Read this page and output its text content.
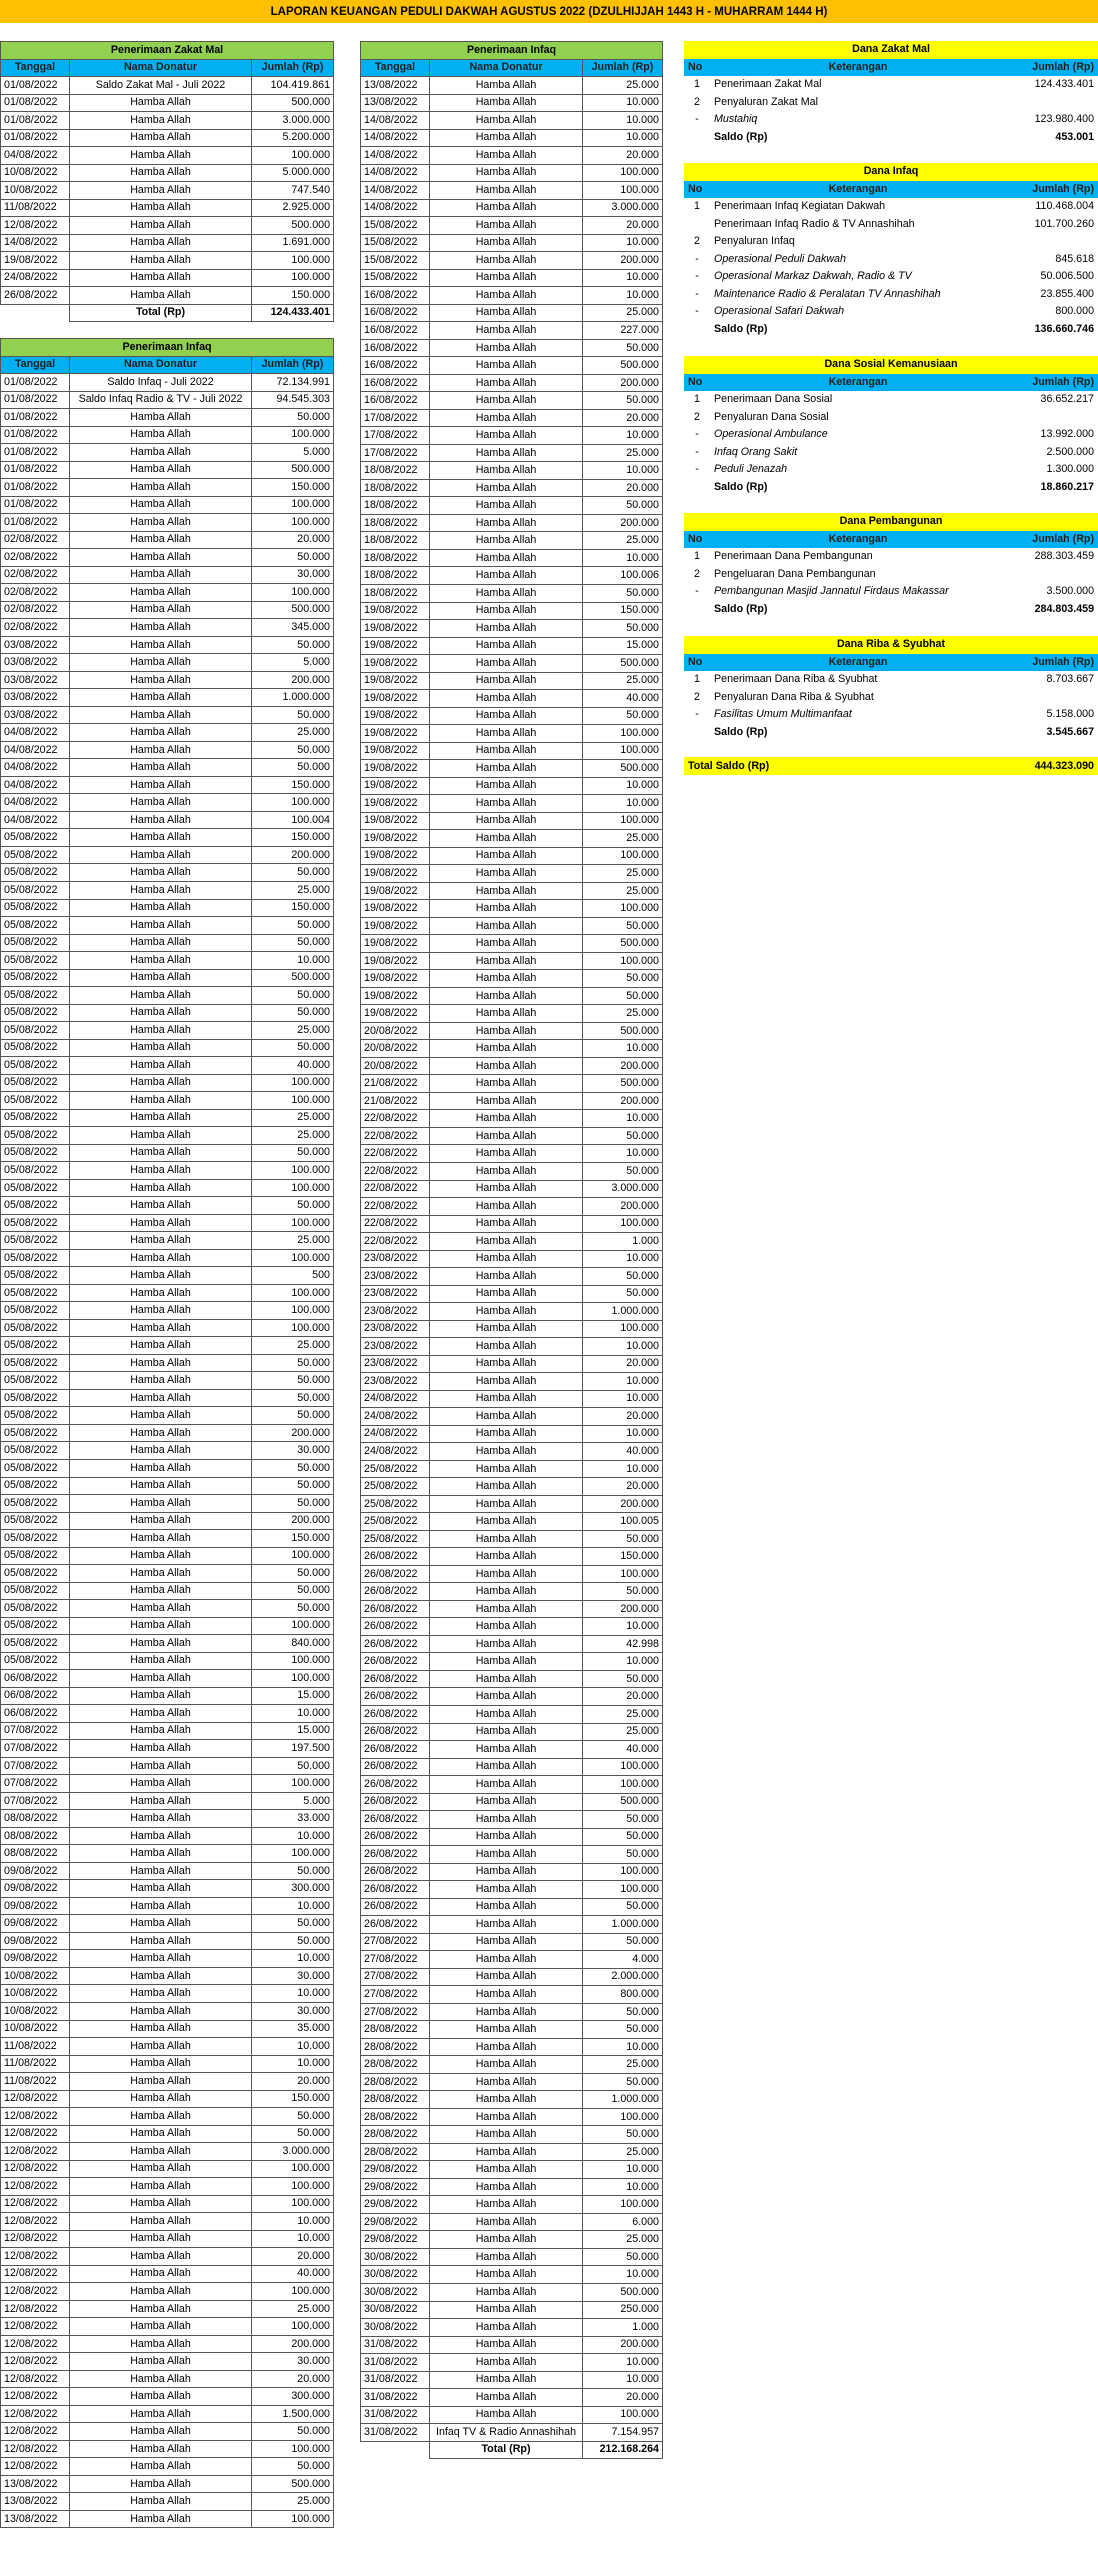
LAPORAN KEUANGAN PEDULI DAKWAH AGUSTUS 2022 (DZULHIJJAH 1443 H - MUHARRAM 1444 H)
Penerimaan Zakat Mal		
Tanggal	Nama Donatur	Jumlah (Rp)
01/08/2022	Saldo Zakat Mal - Juli 2022	104.419.861
01/08/2022	Hamba Allah	500.000
01/08/2022	Hamba Allah	3.000.000
01/08/2022	Hamba Allah	5.200.000
04/08/2022	Hamba Allah	100.000
10/08/2022	Hamba Allah	5.000.000
10/08/2022	Hamba Allah	747.540
11/08/2022	Hamba Allah	2.925.000
12/08/2022	Hamba Allah	500.000
14/08/2022	Hamba Allah	1.691.000
19/08/2022	Hamba Allah	100.000
24/08/2022	Hamba Allah	100.000
26/08/2022	Hamba Allah	150.000
	Total (Rp)	124.433.401
Penerimaan Infaq		
Tanggal	Nama Donatur	Jumlah (Rp)
01/08/2022	Saldo Infaq - Juli 2022	72.134.991
01/08/2022	Saldo Infaq Radio & TV - Juli 2022	94.545.303
01/08/2022	Hamba Allah	50.000
01/08/2022	Hamba Allah	100.000
01/08/2022	Hamba Allah	5.000
01/08/2022	Hamba Allah	500.000
01/08/2022	Hamba Allah	150.000
01/08/2022	Hamba Allah	100.000
01/08/2022	Hamba Allah	100.000
02/08/2022	Hamba Allah	20.000
02/08/2022	Hamba Allah	50.000
02/08/2022	Hamba Allah	30.000
02/08/2022	Hamba Allah	100.000
02/08/2022	Hamba Allah	500.000
02/08/2022	Hamba Allah	345.000
03/08/2022	Hamba Allah	50.000
03/08/2022	Hamba Allah	5.000
03/08/2022	Hamba Allah	200.000
03/08/2022	Hamba Allah	1.000.000
03/08/2022	Hamba Allah	50.000
04/08/2022	Hamba Allah	25.000
04/08/2022	Hamba Allah	50.000
04/08/2022	Hamba Allah	50.000
04/08/2022	Hamba Allah	150.000
04/08/2022	Hamba Allah	100.000
04/08/2022	Hamba Allah	100.004
05/08/2022	Hamba Allah	150.000
05/08/2022	Hamba Allah	200.000
05/08/2022	Hamba Allah	50.000
05/08/2022	Hamba Allah	25.000
05/08/2022	Hamba Allah	150.000
05/08/2022	Hamba Allah	50.000
05/08/2022	Hamba Allah	50.000
05/08/2022	Hamba Allah	10.000
05/08/2022	Hamba Allah	500.000
05/08/2022	Hamba Allah	50.000
05/08/2022	Hamba Allah	50.000
05/08/2022	Hamba Allah	25.000
05/08/2022	Hamba Allah	50.000
05/08/2022	Hamba Allah	40.000
05/08/2022	Hamba Allah	100.000
05/08/2022	Hamba Allah	100.000
05/08/2022	Hamba Allah	25.000
05/08/2022	Hamba Allah	25.000
05/08/2022	Hamba Allah	50.000
05/08/2022	Hamba Allah	100.000
05/08/2022	Hamba Allah	100.000
05/08/2022	Hamba Allah	50.000
05/08/2022	Hamba Allah	100.000
05/08/2022	Hamba Allah	25.000
05/08/2022	Hamba Allah	100.000
05/08/2022	Hamba Allah	500
05/08/2022	Hamba Allah	100.000
05/08/2022	Hamba Allah	100.000
05/08/2022	Hamba Allah	100.000
05/08/2022	Hamba Allah	25.000
05/08/2022	Hamba Allah	50.000
05/08/2022	Hamba Allah	50.000
05/08/2022	Hamba Allah	50.000
05/08/2022	Hamba Allah	50.000
05/08/2022	Hamba Allah	200.000
05/08/2022	Hamba Allah	30.000
05/08/2022	Hamba Allah	50.000
05/08/2022	Hamba Allah	50.000
05/08/2022	Hamba Allah	50.000
05/08/2022	Hamba Allah	200.000
05/08/2022	Hamba Allah	150.000
05/08/2022	Hamba Allah	100.000
05/08/2022	Hamba Allah	50.000
05/08/2022	Hamba Allah	50.000
05/08/2022	Hamba Allah	50.000
05/08/2022	Hamba Allah	100.000
05/08/2022	Hamba Allah	840.000
05/08/2022	Hamba Allah	100.000
06/08/2022	Hamba Allah	100.000
06/08/2022	Hamba Allah	15.000
06/08/2022	Hamba Allah	10.000
07/08/2022	Hamba Allah	15.000
07/08/2022	Hamba Allah	197.500
07/08/2022	Hamba Allah	50.000
07/08/2022	Hamba Allah	100.000
07/08/2022	Hamba Allah	5.000
08/08/2022	Hamba Allah	33.000
08/08/2022	Hamba Allah	10.000
08/08/2022	Hamba Allah	100.000
09/08/2022	Hamba Allah	50.000
09/08/2022	Hamba Allah	300.000
09/08/2022	Hamba Allah	10.000
09/08/2022	Hamba Allah	50.000
09/08/2022	Hamba Allah	50.000
09/08/2022	Hamba Allah	10.000
10/08/2022	Hamba Allah	30.000
10/08/2022	Hamba Allah	10.000
10/08/2022	Hamba Allah	30.000
10/08/2022	Hamba Allah	35.000
11/08/2022	Hamba Allah	10.000
11/08/2022	Hamba Allah	10.000
11/08/2022	Hamba Allah	20.000
12/08/2022	Hamba Allah	150.000
12/08/2022	Hamba Allah	50.000
12/08/2022	Hamba Allah	50.000
12/08/2022	Hamba Allah	3.000.000
12/08/2022	Hamba Allah	100.000
12/08/2022	Hamba Allah	100.000
12/08/2022	Hamba Allah	100.000
12/08/2022	Hamba Allah	10.000
12/08/2022	Hamba Allah	10.000
12/08/2022	Hamba Allah	20.000
12/08/2022	Hamba Allah	40.000
12/08/2022	Hamba Allah	100.000
12/08/2022	Hamba Allah	25.000
12/08/2022	Hamba Allah	100.000
12/08/2022	Hamba Allah	200.000
12/08/2022	Hamba Allah	30.000
12/08/2022	Hamba Allah	20.000
12/08/2022	Hamba Allah	300.000
12/08/2022	Hamba Allah	1.500.000
12/08/2022	Hamba Allah	50.000
12/08/2022	Hamba Allah	100.000
12/08/2022	Hamba Allah	50.000
13/08/2022	Hamba Allah	500.000
13/08/2022	Hamba Allah	25.000
13/08/2022	Hamba Allah	100.000
Penerimaan Infaq		
Tanggal	Nama Donatur	Jumlah (Rp)
13/08/2022	Hamba Allah	25.000
13/08/2022	Hamba Allah	10.000
14/08/2022	Hamba Allah	10.000
14/08/2022	Hamba Allah	10.000
14/08/2022	Hamba Allah	20.000
14/08/2022	Hamba Allah	100.000
14/08/2022	Hamba Allah	100.000
14/08/2022	Hamba Allah	3.000.000
15/08/2022	Hamba Allah	20.000
15/08/2022	Hamba Allah	10.000
15/08/2022	Hamba Allah	200.000
15/08/2022	Hamba Allah	10.000
16/08/2022	Hamba Allah	10.000
16/08/2022	Hamba Allah	25.000
16/08/2022	Hamba Allah	227.000
16/08/2022	Hamba Allah	50.000
16/08/2022	Hamba Allah	500.000
16/08/2022	Hamba Allah	200.000
16/08/2022	Hamba Allah	50.000
17/08/2022	Hamba Allah	20.000
17/08/2022	Hamba Allah	10.000
17/08/2022	Hamba Allah	25.000
18/08/2022	Hamba Allah	10.000
18/08/2022	Hamba Allah	20.000
18/08/2022	Hamba Allah	50.000
18/08/2022	Hamba Allah	200.000
18/08/2022	Hamba Allah	25.000
18/08/2022	Hamba Allah	10.000
18/08/2022	Hamba Allah	100.006
18/08/2022	Hamba Allah	50.000
19/08/2022	Hamba Allah	150.000
19/08/2022	Hamba Allah	50.000
19/08/2022	Hamba Allah	15.000
19/08/2022	Hamba Allah	500.000
19/08/2022	Hamba Allah	25.000
19/08/2022	Hamba Allah	40.000
19/08/2022	Hamba Allah	50.000
19/08/2022	Hamba Allah	100.000
19/08/2022	Hamba Allah	100.000
19/08/2022	Hamba Allah	500.000
19/08/2022	Hamba Allah	10.000
19/08/2022	Hamba Allah	10.000
19/08/2022	Hamba Allah	100.000
19/08/2022	Hamba Allah	25.000
19/08/2022	Hamba Allah	100.000
19/08/2022	Hamba Allah	25.000
19/08/2022	Hamba Allah	25.000
19/08/2022	Hamba Allah	100.000
19/08/2022	Hamba Allah	50.000
19/08/2022	Hamba Allah	500.000
19/08/2022	Hamba Allah	100.000
19/08/2022	Hamba Allah	50.000
19/08/2022	Hamba Allah	50.000
19/08/2022	Hamba Allah	25.000
20/08/2022	Hamba Allah	500.000
20/08/2022	Hamba Allah	10.000
20/08/2022	Hamba Allah	200.000
21/08/2022	Hamba Allah	500.000
21/08/2022	Hamba Allah	200.000
22/08/2022	Hamba Allah	10.000
22/08/2022	Hamba Allah	50.000
22/08/2022	Hamba Allah	10.000
22/08/2022	Hamba Allah	50.000
22/08/2022	Hamba Allah	3.000.000
22/08/2022	Hamba Allah	200.000
22/08/2022	Hamba Allah	100.000
22/08/2022	Hamba Allah	1.000
23/08/2022	Hamba Allah	10.000
23/08/2022	Hamba Allah	50.000
23/08/2022	Hamba Allah	50.000
23/08/2022	Hamba Allah	1.000.000
23/08/2022	Hamba Allah	100.000
23/08/2022	Hamba Allah	10.000
23/08/2022	Hamba Allah	20.000
23/08/2022	Hamba Allah	10.000
24/08/2022	Hamba Allah	10.000
24/08/2022	Hamba Allah	20.000
24/08/2022	Hamba Allah	10.000
24/08/2022	Hamba Allah	40.000
25/08/2022	Hamba Allah	10.000
25/08/2022	Hamba Allah	20.000
25/08/2022	Hamba Allah	200.000
25/08/2022	Hamba Allah	100.005
25/08/2022	Hamba Allah	50.000
26/08/2022	Hamba Allah	150.000
26/08/2022	Hamba Allah	100.000
26/08/2022	Hamba Allah	50.000
26/08/2022	Hamba Allah	200.000
26/08/2022	Hamba Allah	10.000
26/08/2022	Hamba Allah	42.998
26/08/2022	Hamba Allah	10.000
26/08/2022	Hamba Allah	50.000
26/08/2022	Hamba Allah	20.000
26/08/2022	Hamba Allah	25.000
26/08/2022	Hamba Allah	25.000
26/08/2022	Hamba Allah	40.000
26/08/2022	Hamba Allah	100.000
26/08/2022	Hamba Allah	100.000
26/08/2022	Hamba Allah	500.000
26/08/2022	Hamba Allah	50.000
26/08/2022	Hamba Allah	50.000
26/08/2022	Hamba Allah	50.000
26/08/2022	Hamba Allah	100.000
26/08/2022	Hamba Allah	100.000
26/08/2022	Hamba Allah	50.000
26/08/2022	Hamba Allah	1.000.000
27/08/2022	Hamba Allah	50.000
27/08/2022	Hamba Allah	4.000
27/08/2022	Hamba Allah	2.000.000
27/08/2022	Hamba Allah	800.000
27/08/2022	Hamba Allah	50.000
28/08/2022	Hamba Allah	50.000
28/08/2022	Hamba Allah	10.000
28/08/2022	Hamba Allah	25.000
28/08/2022	Hamba Allah	50.000
28/08/2022	Hamba Allah	1.000.000
28/08/2022	Hamba Allah	100.000
28/08/2022	Hamba Allah	50.000
28/08/2022	Hamba Allah	25.000
29/08/2022	Hamba Allah	10.000
29/08/2022	Hamba Allah	10.000
29/08/2022	Hamba Allah	100.000
29/08/2022	Hamba Allah	6.000
29/08/2022	Hamba Allah	25.000
30/08/2022	Hamba Allah	50.000
30/08/2022	Hamba Allah	10.000
30/08/2022	Hamba Allah	500.000
30/08/2022	Hamba Allah	250.000
30/08/2022	Hamba Allah	1.000
31/08/2022	Hamba Allah	200.000
31/08/2022	Hamba Allah	10.000
31/08/2022	Hamba Allah	10.000
31/08/2022	Hamba Allah	20.000
31/08/2022	Hamba Allah	100.000
31/08/2022	Infaq TV & Radio Annashihah	7.154.957
	Total (Rp)	212.168.264
Dana Zakat Mal		
No	Keterangan	Jumlah (Rp)
1	Penerimaan Zakat Mal	124.433.401
2	Penyaluran Zakat Mal	
-	Mustahiq	123.980.400
	Saldo (Rp)	453.001
Dana Infaq		
No	Keterangan	Jumlah (Rp)
1	Penerimaan Infaq Kegiatan Dakwah	110.468.004
	Penerimaan Infaq Radio & TV Annashihah	101.700.260
2	Penyaluran Infaq	
-	Operasional Peduli Dakwah	845.618
-	Operasional Markaz Dakwah, Radio & TV	50.006.500
-	Maintenance Radio & Peralatan TV Annashihah	23.855.400
-	Operasional Safari Dakwah	800.000
	Saldo (Rp)	136.660.746
Dana Sosial Kemanusiaan		
No	Keterangan	Jumlah (Rp)
1	Penerimaan Dana Sosial	36.652.217
2	Penyaluran Dana Sosial	
-	Operasional Ambulance	13.992.000
-	Infaq Orang Sakit	2.500.000
-	Peduli Jenazah	1.300.000
	Saldo (Rp)	18.860.217
Dana Pembangunan		
No	Keterangan	Jumlah (Rp)
1	Penerimaan Dana Pembangunan	288.303.459
2	Pengeluaran Dana Pembangunan	
-	Pembangunan Masjid Jannatul Firdaus Makassar	3.500.000
	Saldo (Rp)	284.803.459
Dana Riba & Syubhat		
No	Keterangan	Jumlah (Rp)
1	Penerimaan Dana Riba & Syubhat	8.703.667
2	Penyaluran Dana Riba & Syubhat	
-	Fasilitas Umum Multimanfaat	5.158.000
	Saldo (Rp)	3.545.667
Total Saldo (Rp)	444.323.090
